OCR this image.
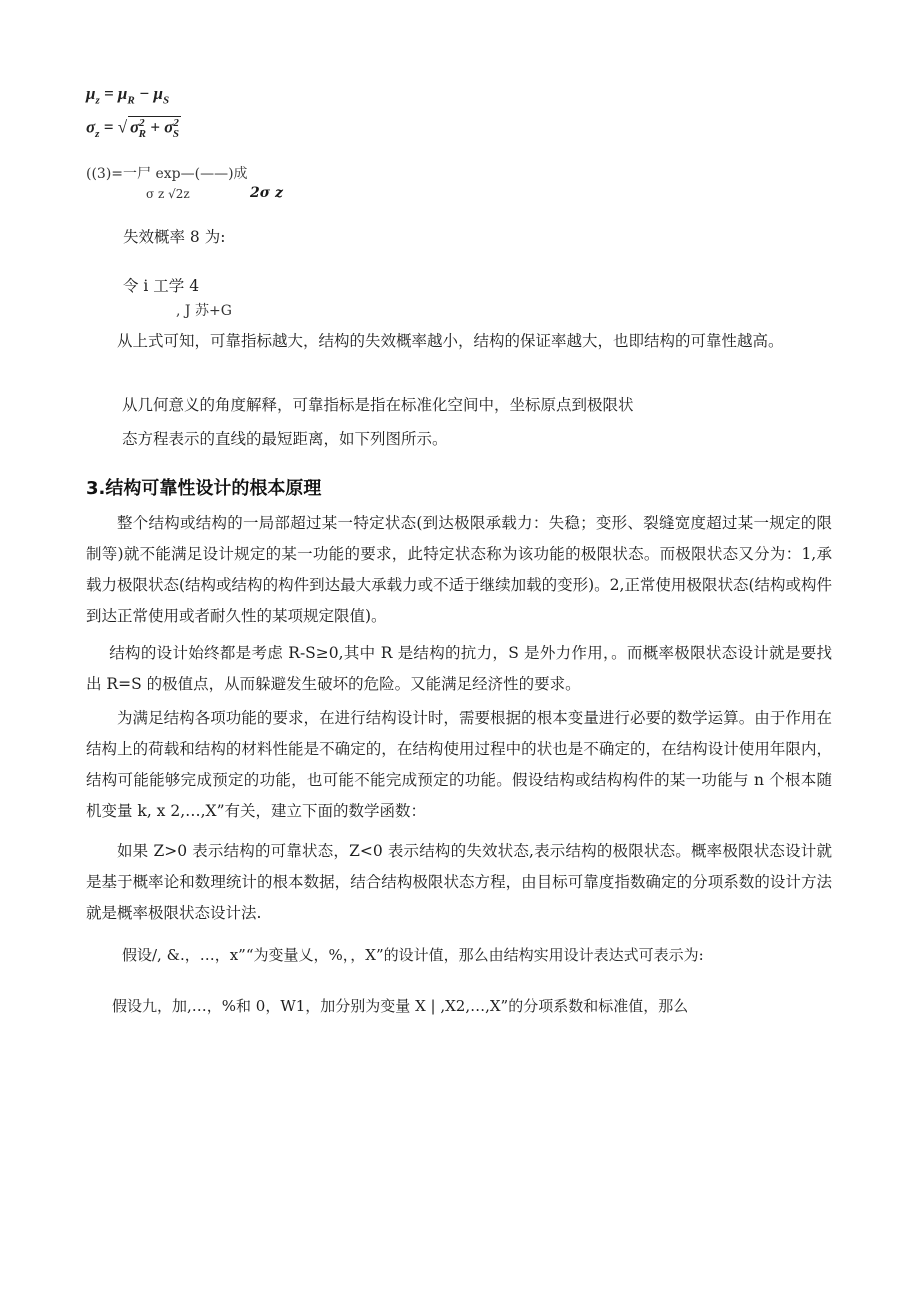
$\mu_z = \mu_R - \mu_S$
$\sigma_z$ = √ $\sigma^2_R + \sigma^2_S$
((3)=一尸 exp—(——)成
σ z √2z	2σ z
失效概率 8 为:
令 i 工学 4
, J 苏+G

从上式可知，可靠指标越大，结构的失效概率越小，结构的保证率越大，也即结构的可靠性越高。

从几何意义的角度解释，可靠指标是指在标准化空间中，坐标原点到极限状
态方程表示的直线的最短距离，如下列图所示。
3.结构可靠性设计的根本原理

整个结构或结构的一局部超过某一特定状态(到达极限承载力：失稳；变形、裂缝宽度超过某一规定的限制等)就不能满足设计规定的某一功能的要求，此特定状态称为该功能的极限状态。而极限状态又分为：1,承载力极限状态(结构或结构的构件到达最大承载力或不适于继续加载的变形)。2,正常使用极限状态(结构或构件到达正常使用或者耐久性的某项规定限值)。

结构的设计始终都是考虑 R-S≥0,其中 R 是结构的抗力，S 是外力作用，。而概率极限状态设计就是要找出 R=S 的极值点，从而躲避发生破坏的危险。又能满足经济性的要求。

为满足结构各项功能的要求，在进行结构设计时，需要根据的根本变量进行必要的数学运算。由于作用在结构上的荷载和结构的材料性能是不确定的，在结构使用过程中的状也是不确定的，在结构设计使用年限内，结构可能能够完成预定的功能，也可能不能完成预定的功能。假设结构或结构构件的某一功能与 n 个根本随机变量 k, x 2,…,X”有关，建立下面的数学函数：

如果 Z>0 表示结构的可靠状态，Z<0 表示结构的失效状态,表示结构的极限状态。概率极限状态设计就是基于概率论和数理统计的根本数据，结合结构极限状态方程，由目标可靠度指数确定的分项系数的设计方法就是概率极限状态设计法.

假设/, &.，…，x”“为变量乂，%，，X”的设计值，那么由结构实用设计表达式可表示为:
假设九，加,…，%和 0，W1，加分别为变量 X | ,X2,…,X”的分项系数和标准值，那么
